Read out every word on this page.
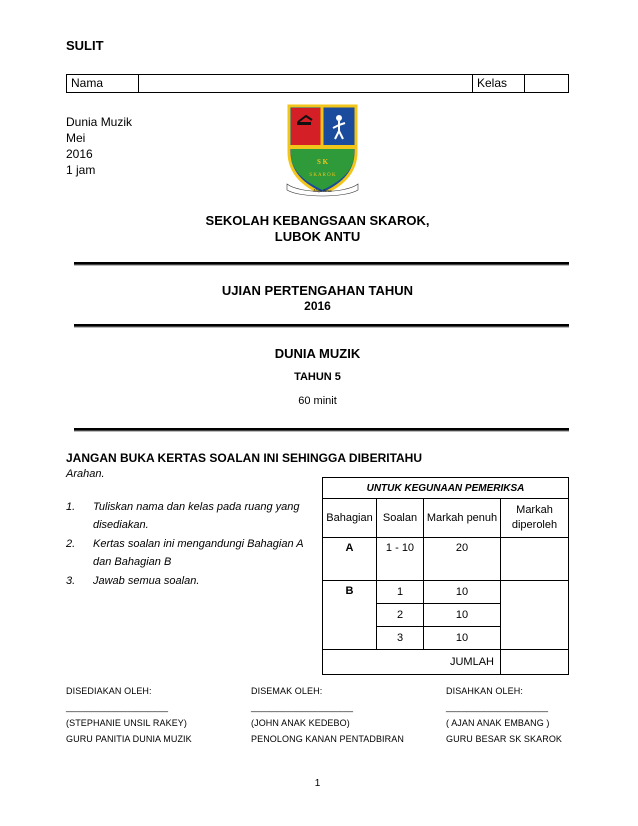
SULIT
Nama	Kelas
Dunia Muzik
Mei
2016
1 jam
S K
S K A R O K
Maju Terus
SEKOLAH KEBANGSAAN SKAROK,
LUBOK ANTU
UJIAN PERTENGAHAN TAHUN
2016
DUNIA MUZIK
TAHUN 5
60 minit
JANGAN BUKA KERTAS SOALAN INI SEHINGGA DIBERITAHU
Arahan.
1. Tuliskan nama dan kelas pada ruang yang disediakan.
2. Kertas soalan ini mengandungi Bahagian A dan Bahagian B
3. Jawab semua soalan.
UNTUK KEGUNAAN PEMERIKSA			
Bahagian	Soalan	Markah penuh	Markah diperoleh
A	1 - 10	20	
B	1	10	
	2	10	
	3	10	
JUMLAH			
DISEDIAKAN OLEH:
____________________
(STEPHANIE UNSIL RAKEY)
GURU PANITIA DUNIA MUZIK
DISEMAK OLEH:
____________________
(JOHN ANAK KEDEBO)
PENOLONG KANAN PENTADBIRAN
DISAHKAN OLEH:
____________________
( AJAN ANAK EMBANG )
GURU BESAR SK SKAROK
1
